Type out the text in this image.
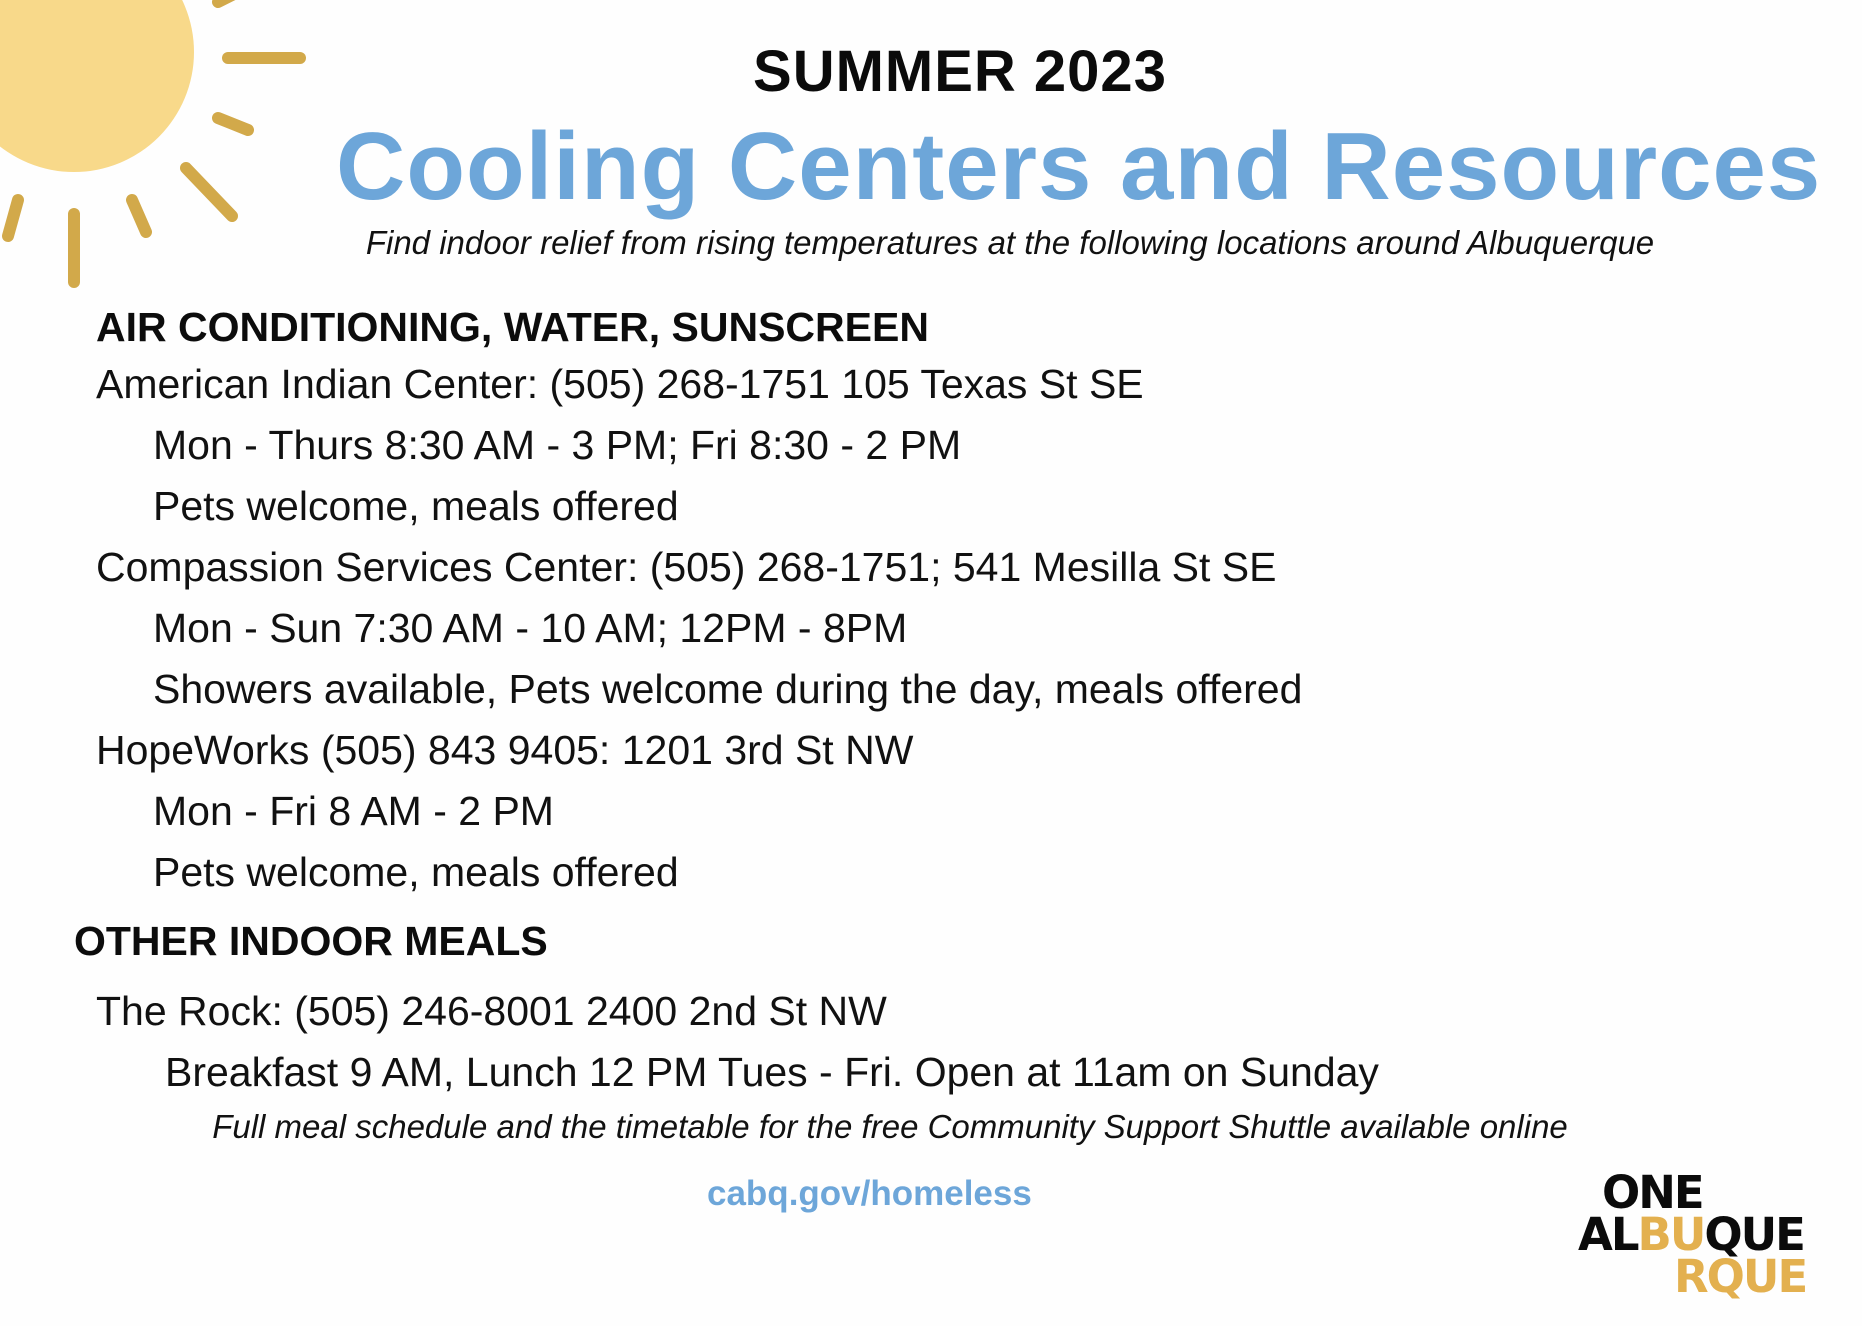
SUMMER 2023
Cooling Centers and Resources
Find indoor relief from rising temperatures at the following locations around Albuquerque
AIR CONDITIONING, WATER, SUNSCREEN
American Indian Center: (505) 268-1751 105 Texas St SE
Mon - Thurs 8:30 AM - 3 PM; Fri 8:30 - 2 PM
Pets welcome, meals offered
Compassion Services Center: (505) 268-1751; 541 Mesilla St SE
Mon - Sun 7:30 AM - 10 AM; 12PM - 8PM
Showers available, Pets welcome during the day, meals offered
HopeWorks (505) 843 9405: 1201 3rd St NW
Mon - Fri 8 AM - 2 PM
Pets welcome, meals offered
OTHER INDOOR MEALS
The Rock: (505) 246-8001 2400 2nd St NW
Breakfast 9 AM, Lunch 12 PM Tues - Fri. Open at 11am on Sunday
Full meal schedule and the timetable for the free Community Support Shuttle available online
cabq.gov/homeless	ONE
ALBUQUE
RQUE
